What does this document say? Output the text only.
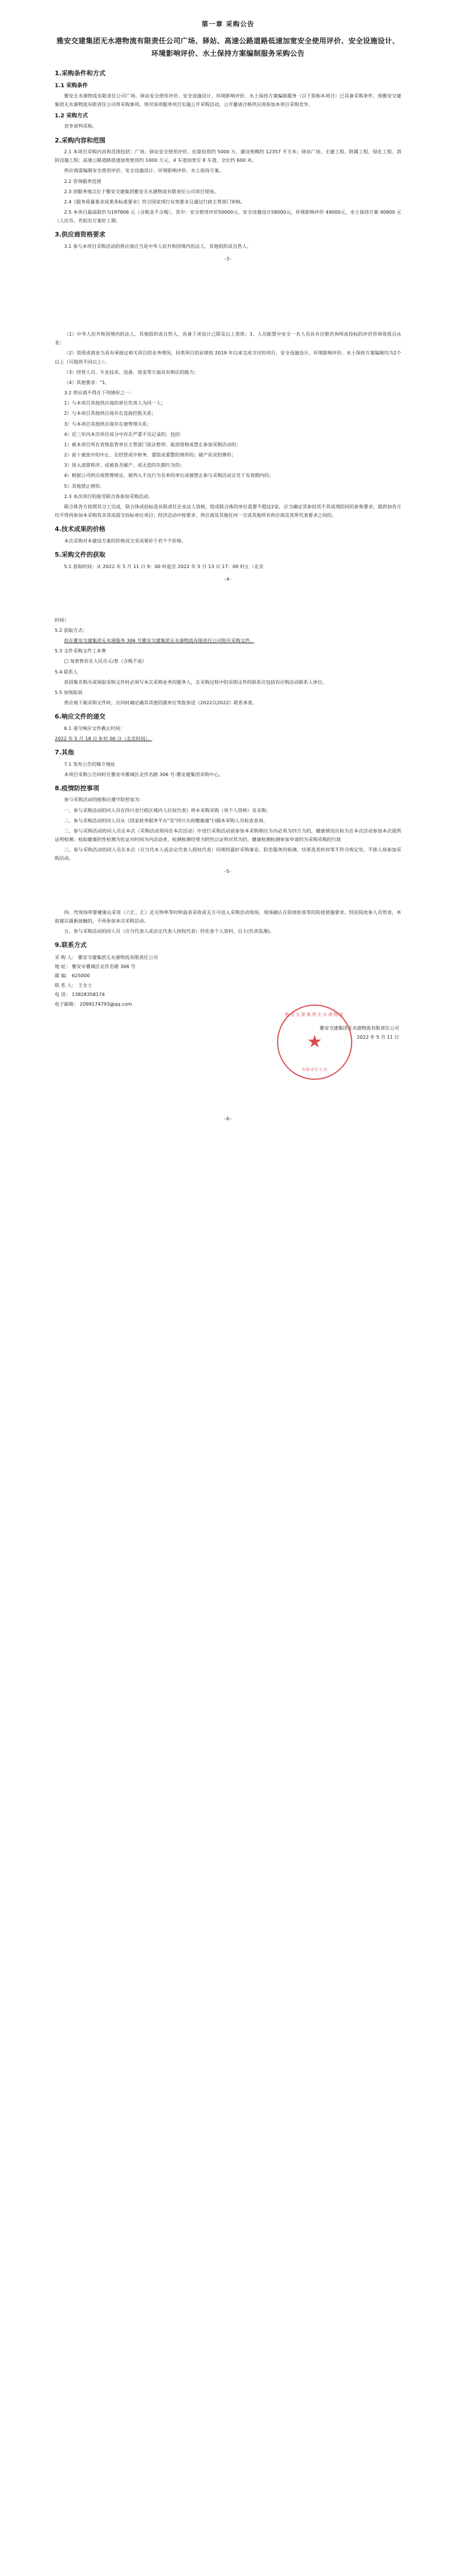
第一章 采购公告
雅安交建集团无水港物流有限责任公司广场、驿站、高速公路道路低速加宽安全使用评价、安全设施设计、环境影响评价、水土保持方案编制服务采购公告
1.采购条件和方式
1.1 采购条件

雅安无水港物流有限责任公司广场、驿站安全使用评价、安全设施设计、环境影响评价、水土保持方案编制服务（以下简称本项目）已具备采购条件，现雅安交建集团无水港物流有限责任公司将采购事项，现对该项服务项目实施公开采购活动，公开邀请合格供应商参加本项目采购竞争。

1.2 采购方式

竞争谈判采购。

2.采购内容和范围

2.1 本项目采购内容和范围包括：广场、驿站安全使用评价，估算投资约 5000 万，建设规模约 12357 平方米；驿站广场，主建工程、附属工程、绿化工程、消防设施工程；高速公路道路低速加宽使用约 1000 万元，4 车道加宽至 8 车道，全长约 600 米。

供应商需编制安全使用评价、安全设施设计、环境影响评价、水土保持方案。

2.2 咨询服务范围

2.3 国服务地点位于雅安交建集团雅安无水港物流有限责任公司项目现场。

2.4《服务质量要求成果条标准要求》符合国家现行有效要求且通过行政主管部门审核。

2.5 本项目最高限价为197806 元（含税金不含税），其中：安全使用评价50000元，安全设施设计58000元，环境影响评价 49000元，水土保持方案 40800 元（人民币。若拟出方案好工期。

3.供应商资格要求

3.1 参与本项目采购活动的供应商应当是中华人民共和国境内的法人、其他组织或自然人。

-3-

（1）中华人民共和国境内的法人、其他组织或自然人，具备下述设计己除及以上资质；3、人员配置中安全一名人员具有注册咨询师或投标的评价咨询资质且从业；

（2）资质或商业当具有承接过相关项目的业务情况。同类项目的业绩按 2019 年以来完成交付的项目，安全设施设计、环境影响评价、水土保持方案编制均为2个以上（可提供不同以上）；

（3）经营人员、专业技术、设备、资金等方面具有相应的能力；

（4）其他要求："1、

3.2 供应商不得在下列情形之一：

1）与本项目其他供应商的单位负责人为同一人；

2）与本项目其他供应商存在直接控股关系；

3）与本项目其他供应商存在被管理关系；

4）近三年内本次项目成分中存在严重不良记录的；包括：

1）被本项目所在省级监管单位主管部门依法暂停、取消资格或禁止参加采购活动的；

2）前十被查中的中止、在经营或中财务、重组或重整的情形的；破产状况的情形；

3）进入清算程序、或被查否破产、或无偿的失期行为的；

4）根据公司供应商管理规定，被列入不良行为名单的单位或被禁止参与采购活动且处于有效期内的；

5）其他禁止情形。

2.3 本次项目的接受联合体参加采购活动。

联合体各方按照其分工完成，联合体或投标选有限责任企业法人资格，组成联合体的单位需要不超过2家，应当确定其参投其不其成现的同的参和要求，提供加各方均不得再参加本采购其余其或提交投标单位项目；经济活动中按要求、供应商及其他任何一方或其他所有供应商及其所代表要求之间的。

4.技术成果的价格

本次采购对本建设方案的价格成交采成果价于若个个价格。

5.采购文件的获取

5.1 获取时间：从 2022 年 5 月 11 日 9：00 时起至 2022 年 5 月 13 日 17：00 时止（北京

-4-

时间）

5.2 获取方式：

拟在雅安交建集团无水港服务 306 号雅安交建集团无水港物流有限责任公司购买采购文件。

5.3 文件采购文件工本费

□ 每套售价在人民币元/套（含税不退）

5.4 联系人

获招集名购买或领取采购文件时必须写本次采购业务的服务人，在采购过程中的采购文件的联系应包括有应购活动联系人单位。

5.5 加领取说

供应商下载采购文件时，应同时确定确其其他招源单位等报参送《2022以2022》联系单准。

6.响应文件的递交

6.1 递交响应文件截止时间：

2022 年 5 月 18 日 9 时 00 分（北京时间）。

7.其他

7.1 发布公告的媒介地址

本项目采购公告同时在雅安市雅城区北作名路 306 号-雅安建集团采购中心。

8.疫情防控事项

参与采购活动的接购应遵守防控加为：

一、参与采购活动的同人员在四川省行政区域内人民权代表》将本采购采购（须个人资格）及采购；

二、参与采购活动的同人员从《国家政务服务平台"及"四川天府健康通"扫描本采购人员检查查询。

二、参与采购活动的同人员在本次（采购活动须同在本次活动）中进行采购活动前参加本采购相应为内必须为四方为的，健康情况应检为在本次活动参加本次提供证明检测；检取健康阴性检测为佐证对时间为内活动者，检测检测结果为阴性以证明对其为的，健康检测检测参加申请的为采购采购的行政

三、参与采购活动的同人员在本次（应当代本人或法定代表人授权代表）同须经最好采购事业，防范服务的检测、结果选其时何等不符合规定处，不排人场参加采购活动。

-5-

四、凭现场带要健康运采里（六汇、汇）近无纳率等时明温者采收或无方可进入采购活动现场，现场确认在防疫检查等的防疫措施要求，经医院改参人员管查，本前建议最新接触的，不再参加本次采购活动。

五、参与采购活动的同人员（应当代表人或法定代表人授权代表）经佐查个人资料，自主(负责监测)。

9.联系方式

采 购 人： 雅安交建集团无水港物流有限责任公司

地 址： 雅安市雅城区北作名路 306 号

邮 编： 625000

联 系 人： 王女士

电 话： 13828358174

电子邮箱： 2099174793@qq.com

雅安交建集团无水港物流有限责任公司
2022 年 5 月 11 日
雅安交建集团无水港物流
有限责任公司
★
-6-
